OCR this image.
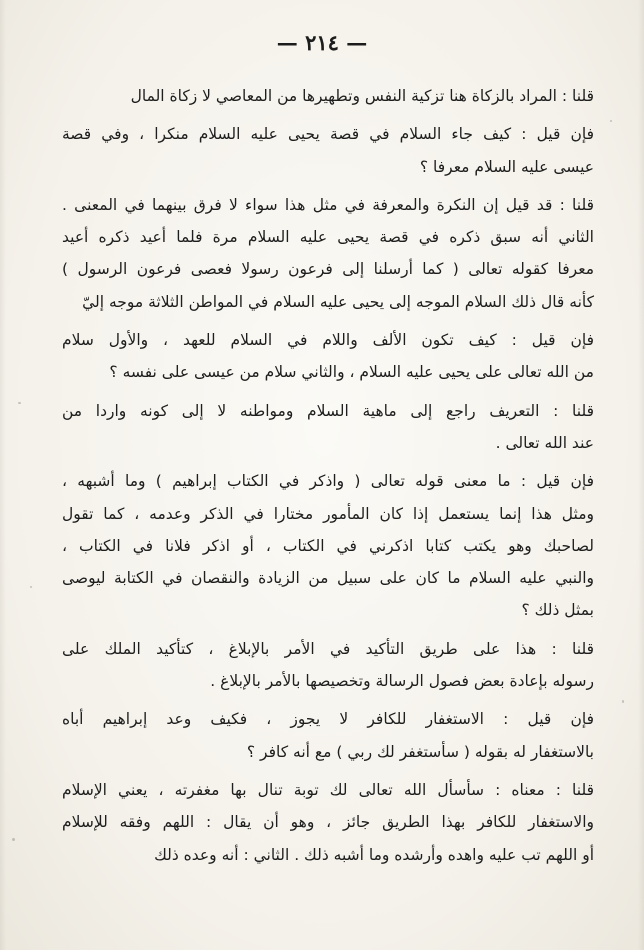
— ٢١٤ —

قلنا : المراد بالزكاة هنا تزكية النفس وتطهيرها من المعاصي لا زكاة المال

فإن قيل : كيف جاء السلام في قصة يحيى عليه السلام منكرا ، وفي قصة
عيسى عليه السلام معرفا ؟

قلنا : قد قيل إن النكرة والمعرفة في مثل هذا سواء لا فرق بينهما في المعنى .
الثاني أنه سبق ذكره في قصة يحيى عليه السلام مرة فلما أعيد ذكره أعيد
معرفا كقوله تعالى ( كما أرسلنا إلى فرعون رسولا فعصى فرعون الرسول )
كأنه قال ذلك السلام الموجه إلى يحيى عليه السلام في المواطن الثلاثة موجه إليّ

فإن قيل : كيف تكون الألف واللام في السلام للعهد ، والأول سلام
من الله تعالى على يحيى عليه السلام ، والثاني سلام من عيسى على نفسه ؟

قلنا : التعريف راجع إلى ماهية السلام ومواطنه لا إلى كونه واردا من
عند الله تعالى .

فإن قيل : ما معنى قوله تعالى ( واذكر في الكتاب إبراهيم ) وما أشبهه ،
ومثل هذا إنما يستعمل إذا كان المأمور مختارا في الذكر وعدمه ، كما تقول
لصاحبك وهو يكتب كتابا اذكرني في الكتاب ، أو اذكر فلانا في الكتاب ،
والنبي عليه السلام ما كان على سبيل من الزيادة والنقصان في الكتابة ليوصى
بمثل ذلك ؟

قلنا : هذا على طريق التأكيد في الأمر بالإبلاغ ، كتأكيد الملك على
رسوله بإعادة بعض فصول الرسالة وتخصيصها بالأمر بالإبلاغ .

فإن قيل : الاستغفار للكافر لا يجوز ، فكيف وعد إبراهيم أباه
بالاستغفار له بقوله ( سأستغفر لك ربي ) مع أنه كافر ؟

قلنا : معناه : سأسأل الله تعالى لك توبة تنال بها مغفرته ، يعني الإسلام
والاستغفار للكافر بهذا الطريق جائز ، وهو أن يقال : اللهم وفقه للإسلام
أو اللهم تب عليه واهده وأرشده وما أشبه ذلك . الثاني : أنه وعده ذلك
